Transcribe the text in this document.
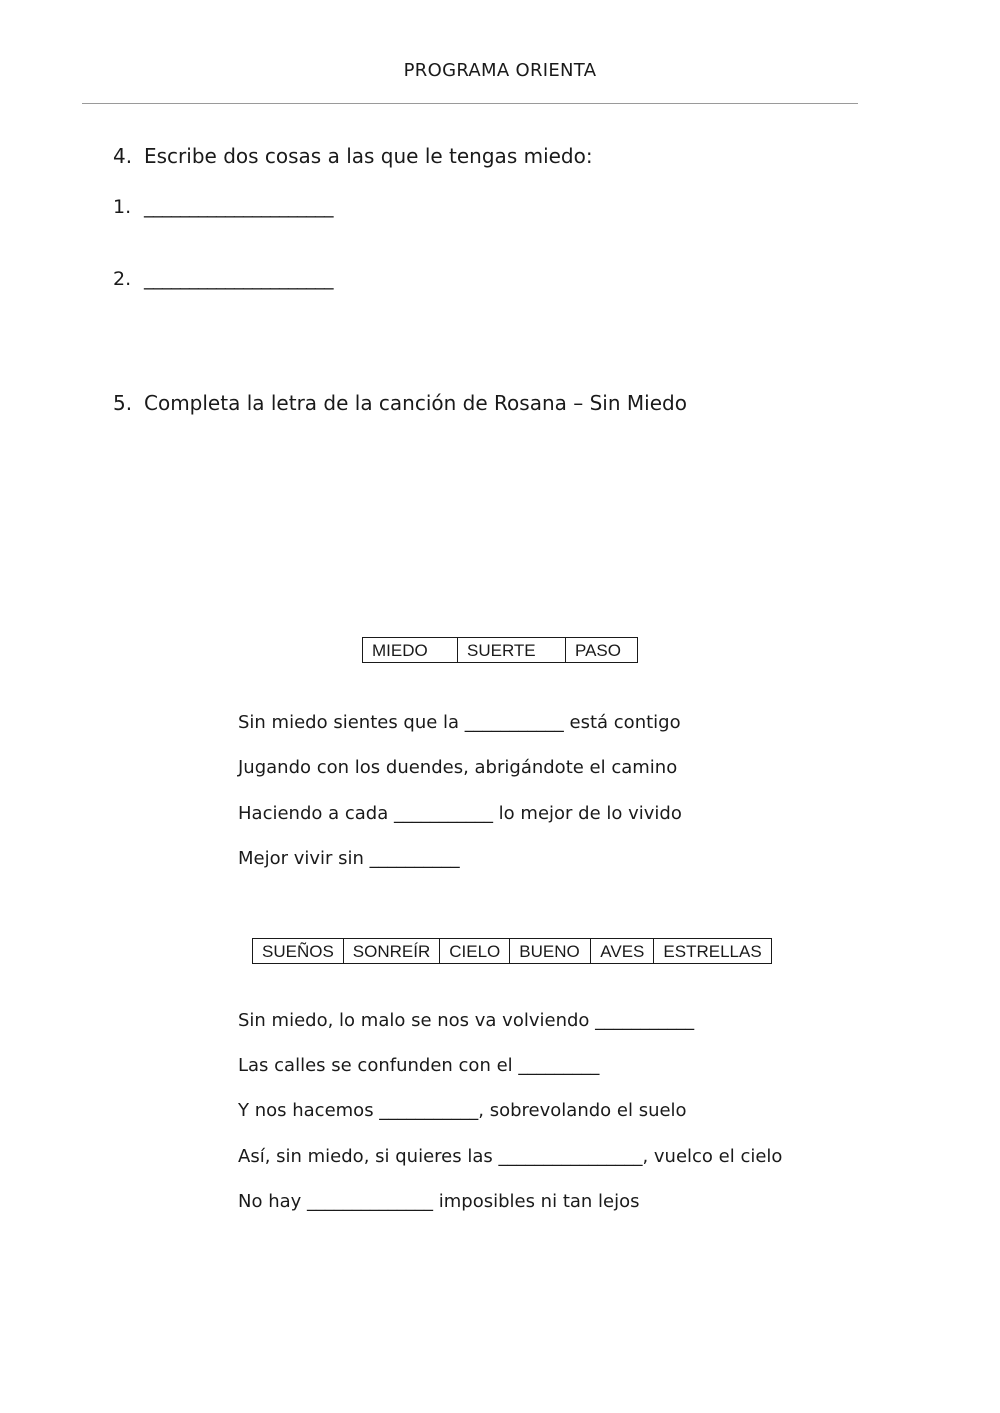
PROGRAMA ORIENTA
4. Escribe dos cosas a las que le tengas miedo:
1. _____________________
2. _____________________
5. Completa la letra de la canción de Rosana – Sin Miedo
MIEDO	SUERTE	PASO
Sin miedo sientes que la ___________ está contigo
Jugando con los duendes, abrigándote el camino
Haciendo a cada ___________ lo mejor de lo vivido
Mejor vivir sin __________
SUEÑOS	SONREÍR	CIELO	BUENO	AVES	ESTRELLAS
Sin miedo, lo malo se nos va volviendo ___________
Las calles se confunden con el _________
Y nos hacemos ___________, sobrevolando el suelo
Así, sin miedo, si quieres las ________________, vuelco el cielo
No hay ______________ imposibles ni tan lejos
